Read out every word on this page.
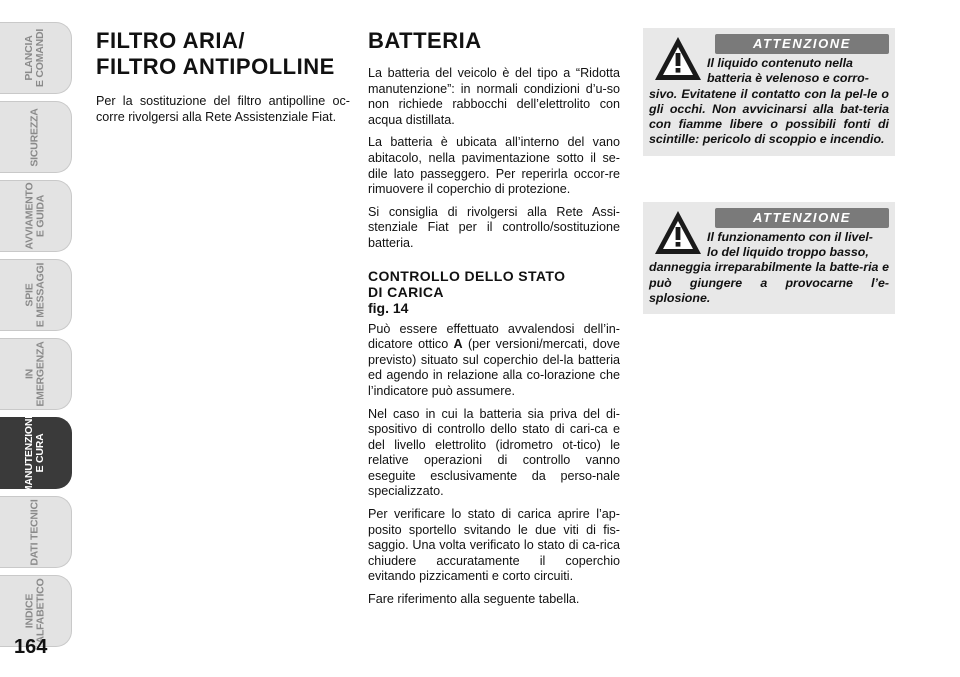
PLANCIA
E COMANDI
SICUREZZA
AVVIAMENTO
E GUIDA
SPIE
E MESSAGGI
IN
EMERGENZA
MANUTENZIONE
E CURA
DATI TECNICI
INDICE
ALFABETICO
164
FILTRO ARIA/
FILTRO ANTIPOLLINE

Per la sostituzione del filtro antipolline oc-corre rivolgersi alla Rete Assistenziale Fiat.

BATTERIA

La batteria del veicolo è del tipo a “Ridotta manutenzione”: in normali condizioni d’u-so non richiede rabbocchi dell’elettrolito con acqua distillata.

La batteria è ubicata all’interno del vano abitacolo, nella pavimentazione sotto il se-dile lato passeggero. Per reperirla occor-re rimuovere il coperchio di protezione.

Si consiglia di rivolgersi alla Rete Assi-stenziale Fiat per il controllo/sostituzione batteria.

CONTROLLO DELLO STATO
DI CARICA
fig. 14

Può essere effettuato avvalendosi dell’in-dicatore ottico A (per versioni/mercati, dove previsto) situato sul coperchio del-la batteria ed agendo in relazione alla co-lorazione che l’indicatore può assumere.

Nel caso in cui la batteria sia priva del di-spositivo di controllo dello stato di cari-ca e del livello elettrolito (idrometro ot-tico) le relative operazioni di controllo vanno eseguite esclusivamente da perso-nale specializzato.

Per verificare lo stato di carica aprire l’ap-posito sportello svitando le due viti di fis-saggio. Una volta verificato lo stato di ca-rica chiudere accuratamente il coperchio evitando pizzicamenti e corto circuiti.

Fare riferimento alla seguente tabella.

ATTENZIONE
Il liquido contenuto nella
batteria è velenoso e corro-
sivo. Evitatene il contatto con la pel-le o gli occhi. Non avvicinarsi alla bat-teria con fiamme libere o possibili fonti di scintille: pericolo di scoppio e incendio.
ATTENZIONE
Il funzionamento con il livel-
lo del liquido troppo basso,
danneggia irreparabilmente la batte-ria e può giungere a provocarne l’e-splosione.
